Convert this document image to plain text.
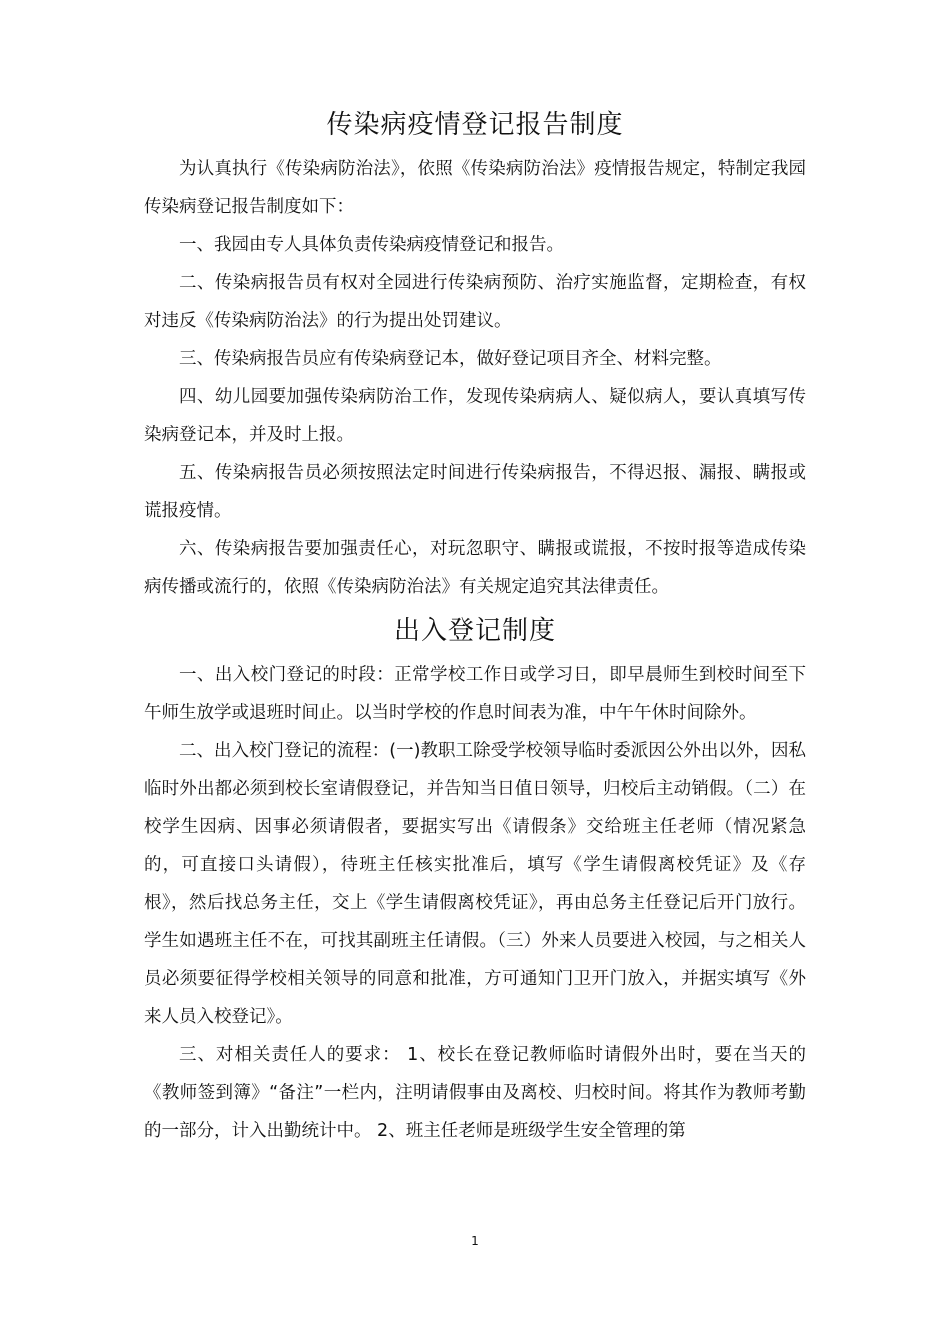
传染病疫情登记报告制度

为认真执行《传染病防治法》，依照《传染病防治法》疫情报告规定，特制定我园传染病登记报告制度如下：

一、我园由专人具体负责传染病疫情登记和报告。

二、传染病报告员有权对全园进行传染病预防、治疗实施监督，定期检查，有权对违反《传染病防治法》的行为提出处罚建议。

三、传染病报告员应有传染病登记本，做好登记项目齐全、材料完整。

四、幼儿园要加强传染病防治工作，发现传染病病人、疑似病人，要认真填写传染病登记本，并及时上报。

五、传染病报告员必须按照法定时间进行传染病报告，不得迟报、漏报、瞒报或谎报疫情。

六、传染病报告要加强责任心，对玩忽职守、瞒报或谎报，不按时报等造成传染病传播或流行的，依照《传染病防治法》有关规定追究其法律责任。

出入登记制度

一、出入校门登记的时段：正常学校工作日或学习日，即早晨师生到校时间至下午师生放学或退班时间止。以当时学校的作息时间表为准，中午午休时间除外。

二、出入校门登记的流程：(一)教职工除受学校领导临时委派因公外出以外，因私临时外出都必须到校长室请假登记，并告知当日值日领导，归校后主动销假。（二）在校学生因病、因事必须请假者，要据实写出《请假条》交给班主任老师（情况紧急的，可直接口头请假），待班主任核实批准后，填写《学生请假离校凭证》及《存根》，然后找总务主任，交上《学生请假离校凭证》，再由总务主任登记后开门放行。学生如遇班主任不在，可找其副班主任请假。（三）外来人员要进入校园，与之相关人员必须要征得学校相关领导的同意和批准，方可通知门卫开门放入，并据实填写《外来人员入校登记》。

三、对相关责任人的要求： 1、校长在登记教师临时请假外出时，要在当天的《教师签到簿》“备注”一栏内，注明请假事由及离校、归校时间。将其作为教师考勤的一部分，计入出勤统计中。 2、班主任老师是班级学生安全管理的第

1
